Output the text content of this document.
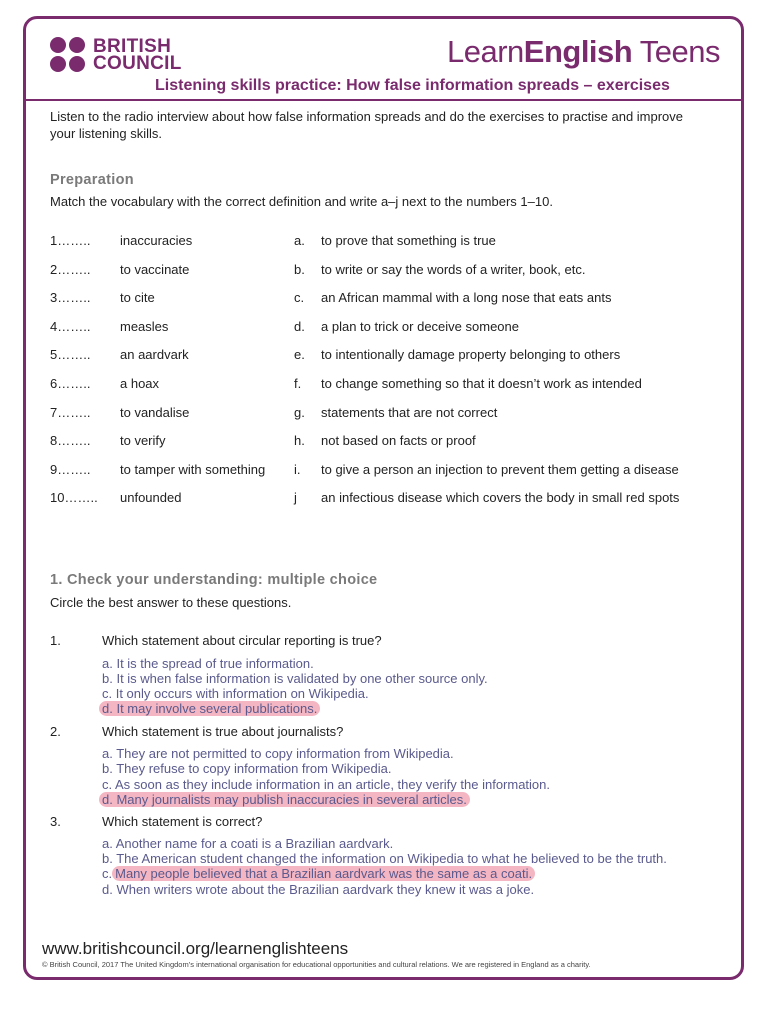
BRITISH
COUNCIL	LearnEnglish Teens
Listening skills practice: How false information spreads – exercises
Listen to the radio interview about how false information spreads and do the exercises to practise and improve your listening skills.
Preparation
Match the vocabulary with the correct definition and write a–j next to the numbers 1–10.
1…….. inaccuracies	a. to prove that something is true
2…….. to vaccinate	b. to write or say the words of a writer, book, etc.
3…….. to cite	c. an African mammal with a long nose that eats ants
4…….. measles	d. a plan to trick or deceive someone
5…….. an aardvark	e. to intentionally damage property belonging to others
6…….. a hoax	f. to change something so that it doesn’t work as intended
7…….. to vandalise	g. statements that are not correct
8…….. to verify	h. not based on facts or proof
9…….. to tamper with something i. to give a person an injection to prevent them getting a disease
10…….. unfounded	j an infectious disease which covers the body in small red spots
1. Check your understanding: multiple choice
Circle the best answer to these questions.
1.	Which statement about circular reporting is true?
a. It is the spread of true information.
b. It is when false information is validated by one other source only.
c. It only occurs with information on Wikipedia.
d. It may involve several publications.
2.	Which statement is true about journalists?
a. They are not permitted to copy information from Wikipedia.
b. They refuse to copy information from Wikipedia.
c. As soon as they include information in an article, they verify the information.
d. Many journalists may publish inaccuracies in several articles.
3.	Which statement is correct?
a. Another name for a coati is a Brazilian aardvark.
b. The American student changed the information on Wikipedia to what he believed to be the truth.
c. Many people believed that a Brazilian aardvark was the same as a coati.
d. When writers wrote about the Brazilian aardvark they knew it was a joke.
www.britishcouncil.org/learnenglishteens
© British Council, 2017 The United Kingdom’s international organisation for educational opportunities and cultural relations. We are registered in England as a charity.
